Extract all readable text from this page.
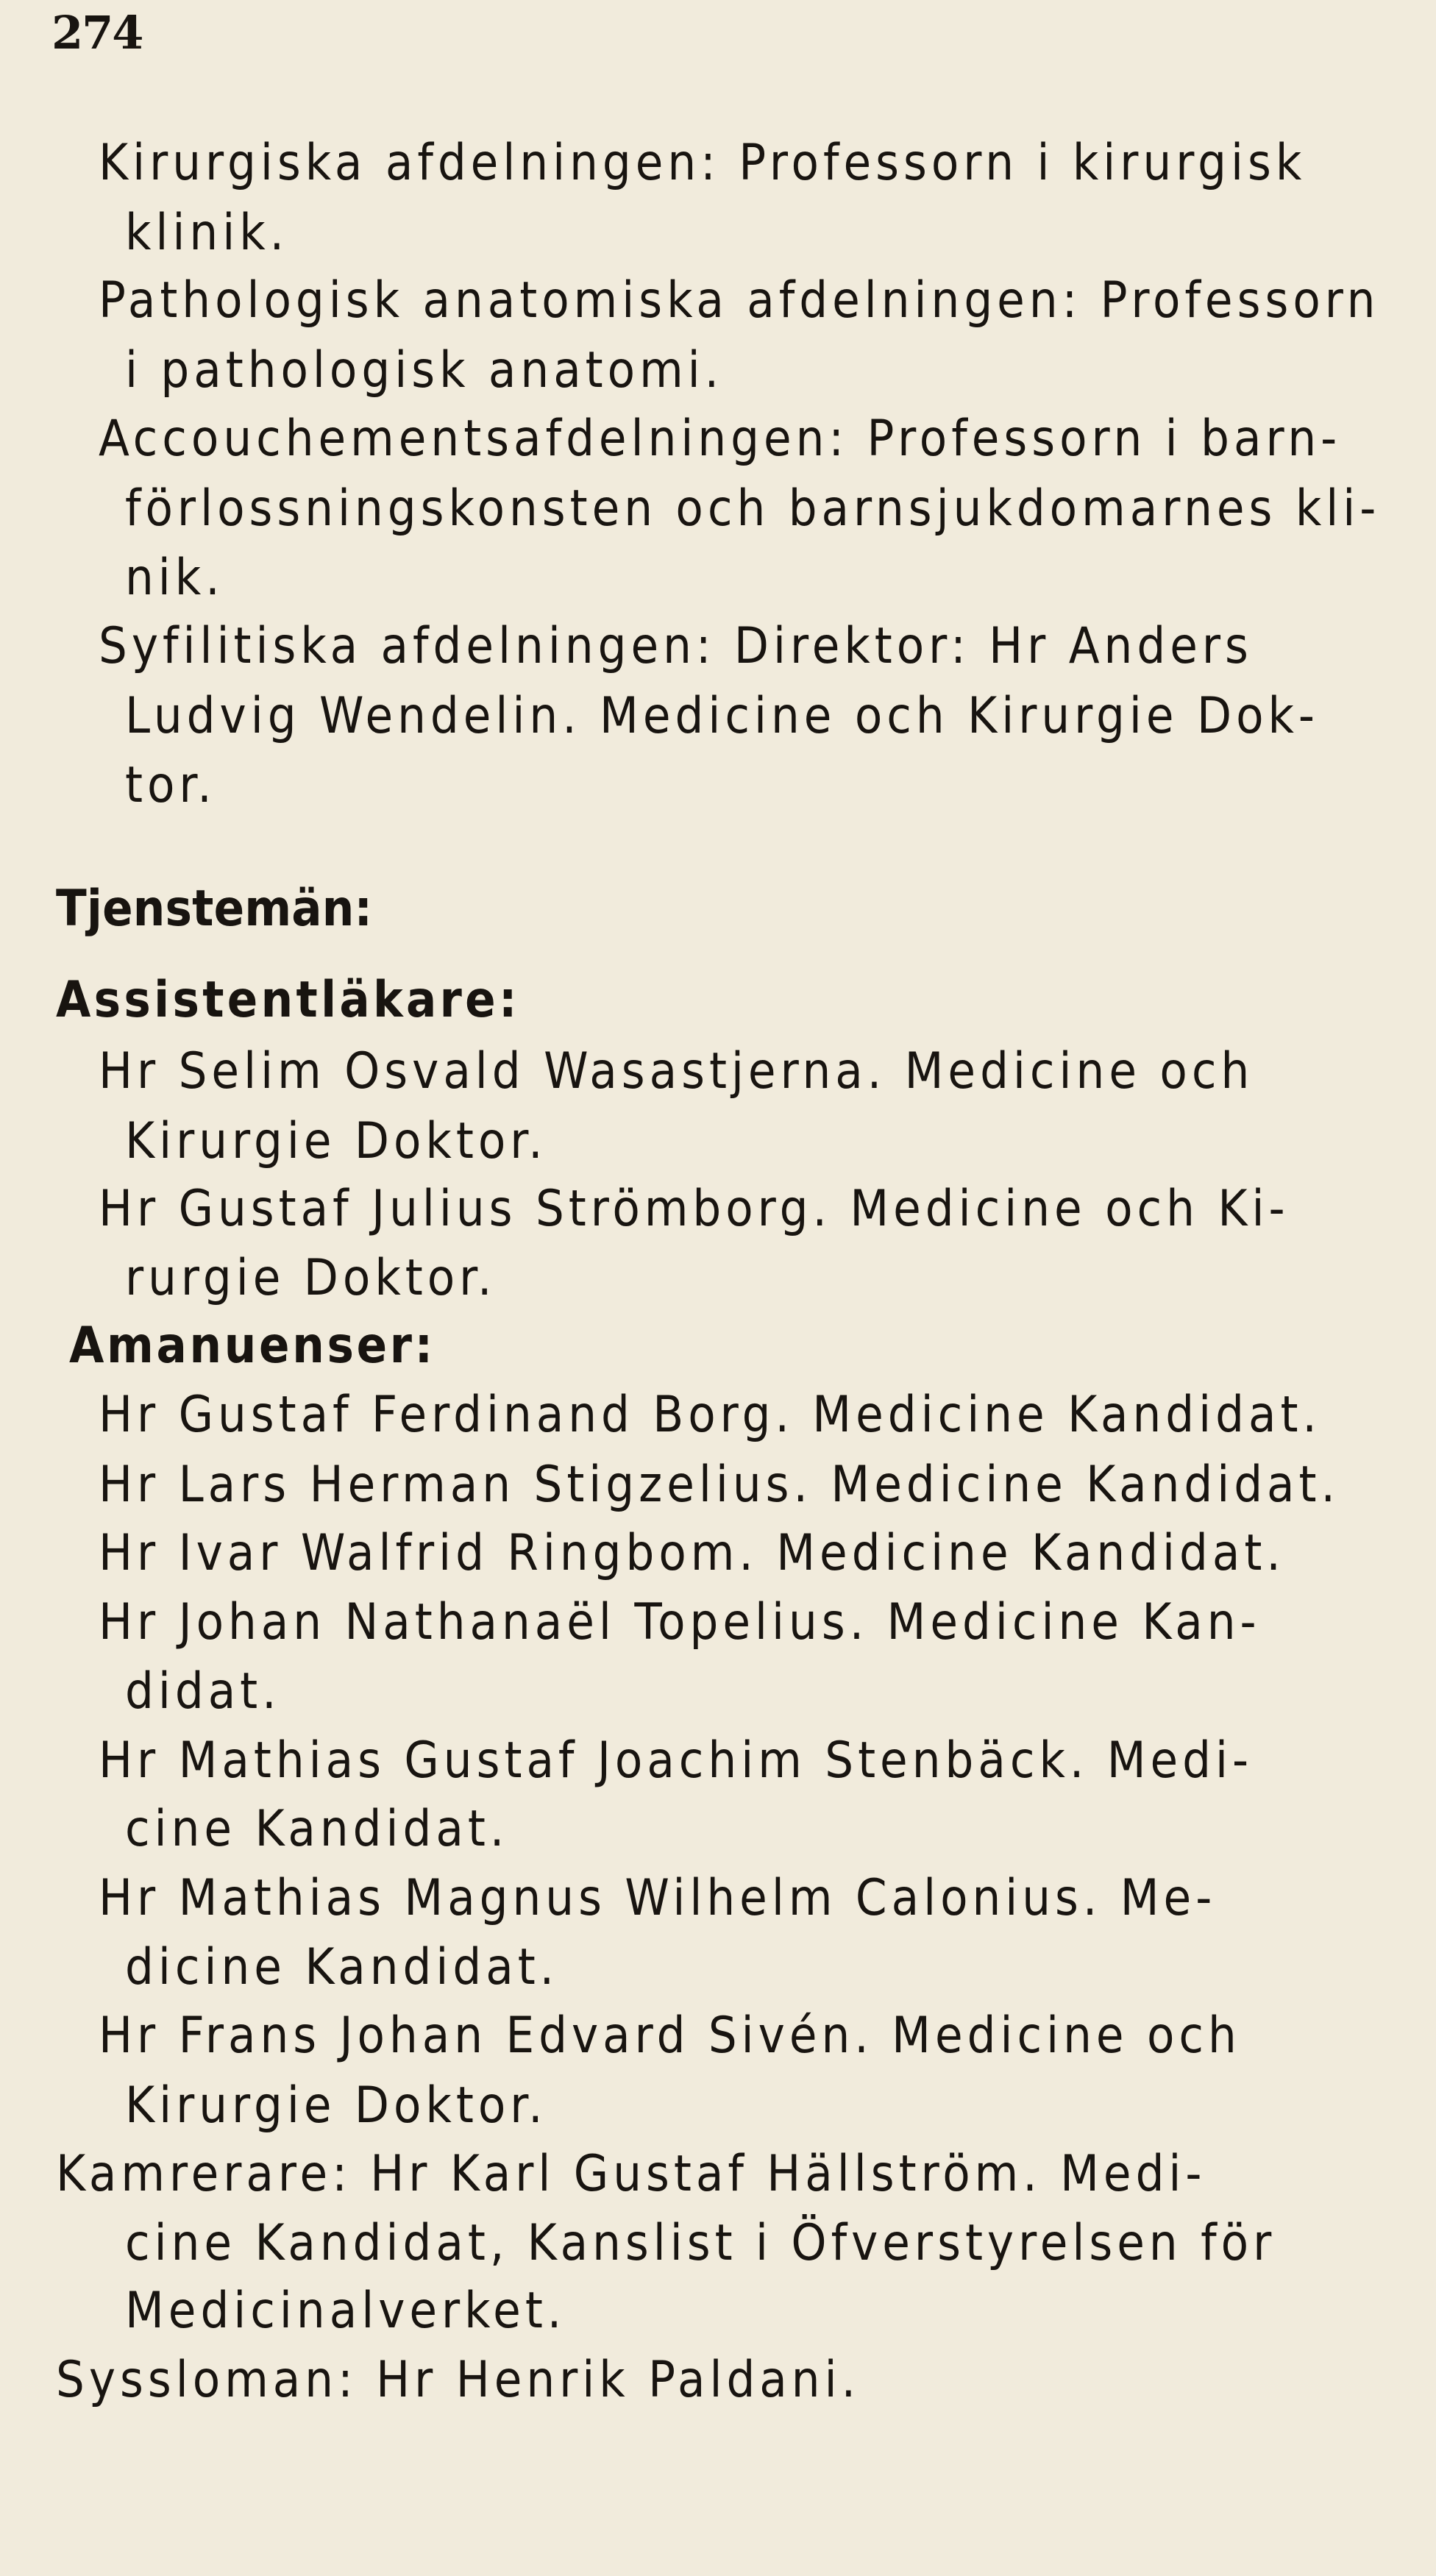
274
Kirurgiska afdelningen: Professorn i kirurgisk
klinik.
Pathologisk anatomiska afdelningen: Professorn
i pathologisk anatomi.
Accouchementsafdelningen: Professorn i barn-
förlossningskonsten och barnsjukdomarnes kli-
nik.
Syfilitiska afdelningen: Direktor: Hr Anders
Ludvig Wendelin. Medicine och Kirurgie Dok-
tor.
Tjenstemän:
Assistentläkare:
Hr Selim Osvald Wasastjerna. Medicine och
Kirurgie Doktor.
Hr Gustaf Julius Strömborg. Medicine och Ki-
rurgie Doktor.
Amanuenser:
Hr Gustaf Ferdinand Borg. Medicine Kandidat.
Hr Lars Herman Stigzelius. Medicine Kandidat.
Hr Ivar Walfrid Ringbom. Medicine Kandidat.
Hr Johan Nathanaël Topelius. Medicine Kan-
didat.
Hr Mathias Gustaf Joachim Stenbäck. Medi-
cine Kandidat.
Hr Mathias Magnus Wilhelm Calonius. Me-
dicine Kandidat.
Hr Frans Johan Edvard Sivén. Medicine och
Kirurgie Doktor.
Kamrerare: Hr Karl Gustaf Hällström. Medi-
cine Kandidat, Kanslist i Öfverstyrelsen för
Medicinalverket.
Syssloman: Hr Henrik Paldani.
